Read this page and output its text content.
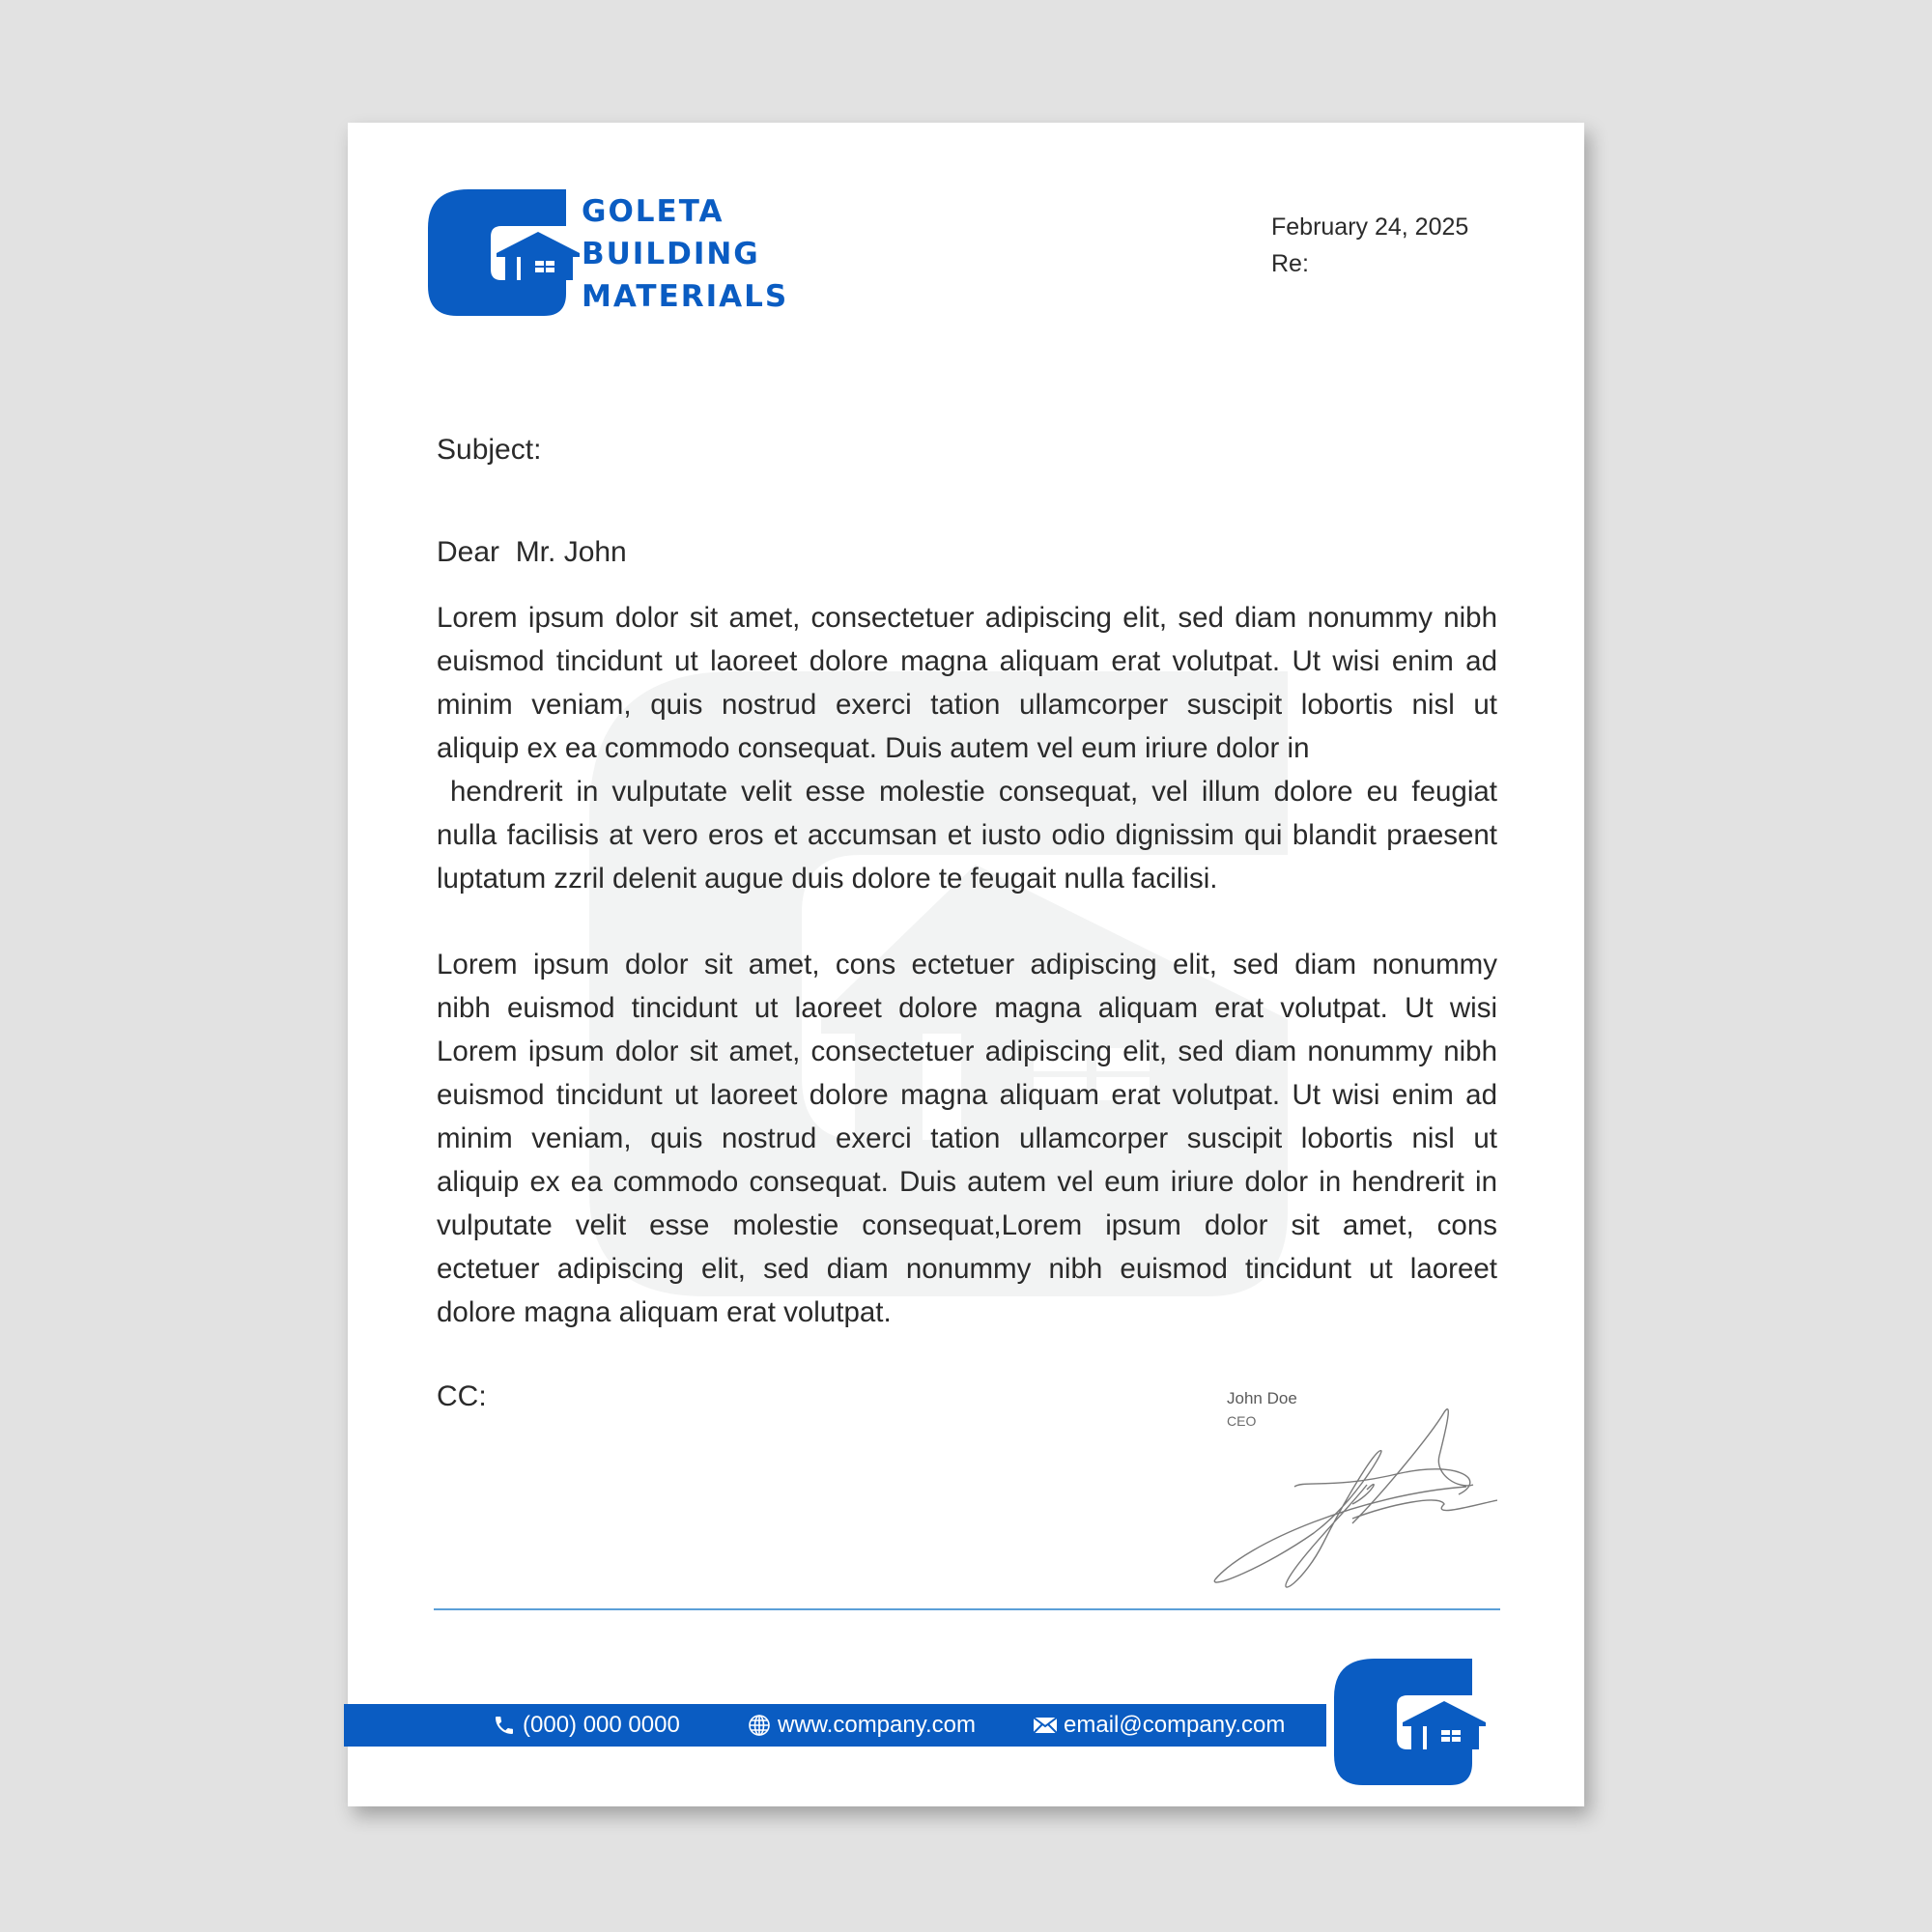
GOLETA
BUILDING
MATERIALS
February 24, 2025
Re:
Subject:
Dear  Mr. John
Lorem ipsum dolor sit amet, consectetuer adipiscing elit, sed diam nonummy nibh
euismod tincidunt ut laoreet dolore magna aliquam erat volutpat. Ut wisi enim ad
minim veniam, quis nostrud exerci tation ullamcorper suscipit lobortis nisl ut
aliquip ex ea commodo consequat. Duis autem vel eum iriure dolor in
hendrerit in vulputate velit esse molestie consequat, vel illum dolore eu feugiat
nulla facilisis at vero eros et accumsan et iusto odio dignissim qui blandit praesent
luptatum zzril delenit augue duis dolore te feugait nulla facilisi.
Lorem ipsum dolor sit amet, cons ectetuer adipiscing elit, sed diam nonummy
nibh euismod tincidunt ut laoreet dolore magna aliquam erat volutpat. Ut wisi
Lorem ipsum dolor sit amet, consectetuer adipiscing elit, sed diam nonummy nibh
euismod tincidunt ut laoreet dolore magna aliquam erat volutpat. Ut wisi enim ad
minim veniam, quis nostrud exerci tation ullamcorper suscipit lobortis nisl ut
aliquip ex ea commodo consequat. Duis autem vel eum iriure dolor in hendrerit in
vulputate velit esse molestie consequat,Lorem ipsum dolor sit amet, cons
ectetuer adipiscing elit, sed diam nonummy nibh euismod tincidunt ut laoreet
dolore magna aliquam erat volutpat.
CC:	John Doe
CEO
(000) 000 0000	www.company.com	email@company.com
